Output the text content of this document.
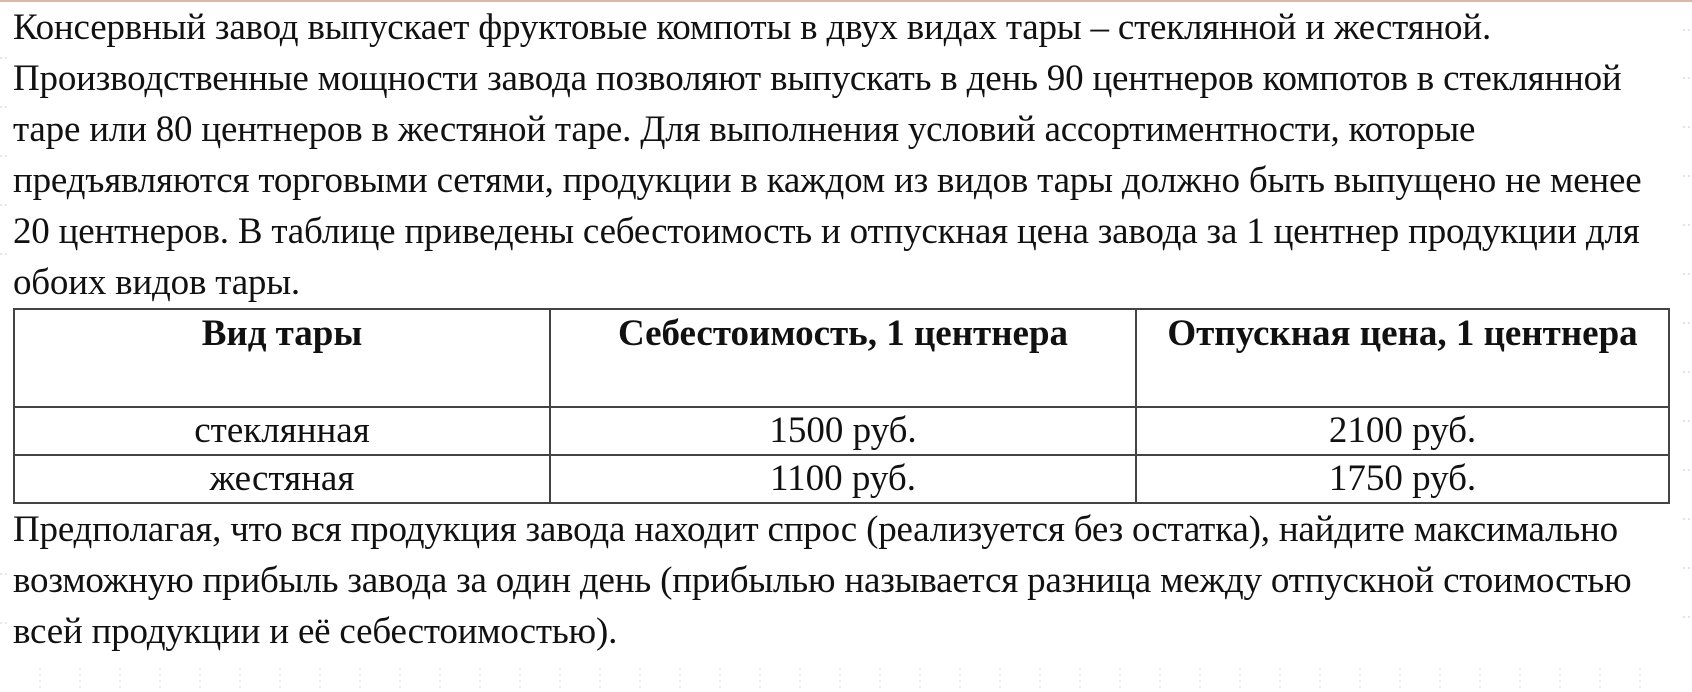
Консервный завод выпускает фруктовые компоты в двух видах тары – стеклянной и жестяной. Производственные мощности завода позволяют выпускать в день 90 центнеров компотов в стеклянной таре или 80 центнеров в жестяной таре. Для выполнения условий ассортиментности, которые предъявляются торговыми сетями, продукции в каждом из видов тары должно быть выпущено не менее 20 центнеров. В таблице приведены себестоимость и отпускная цена завода за 1 центнер продукции для обоих видов тары.

Вид тары	Себестоимость, 1 центнера	Отпускная цена, 1 центнера
стеклянная	1500 руб.	2100 руб.
жестяная	1100 руб.	1750 руб.

Предполагая, что вся продукция завода находит спрос (реализуется без остатка), найдите максимально возможную прибыль завода за один день (прибылью называется разница между отпускной стоимостью всей продукции и её себестоимостью).
